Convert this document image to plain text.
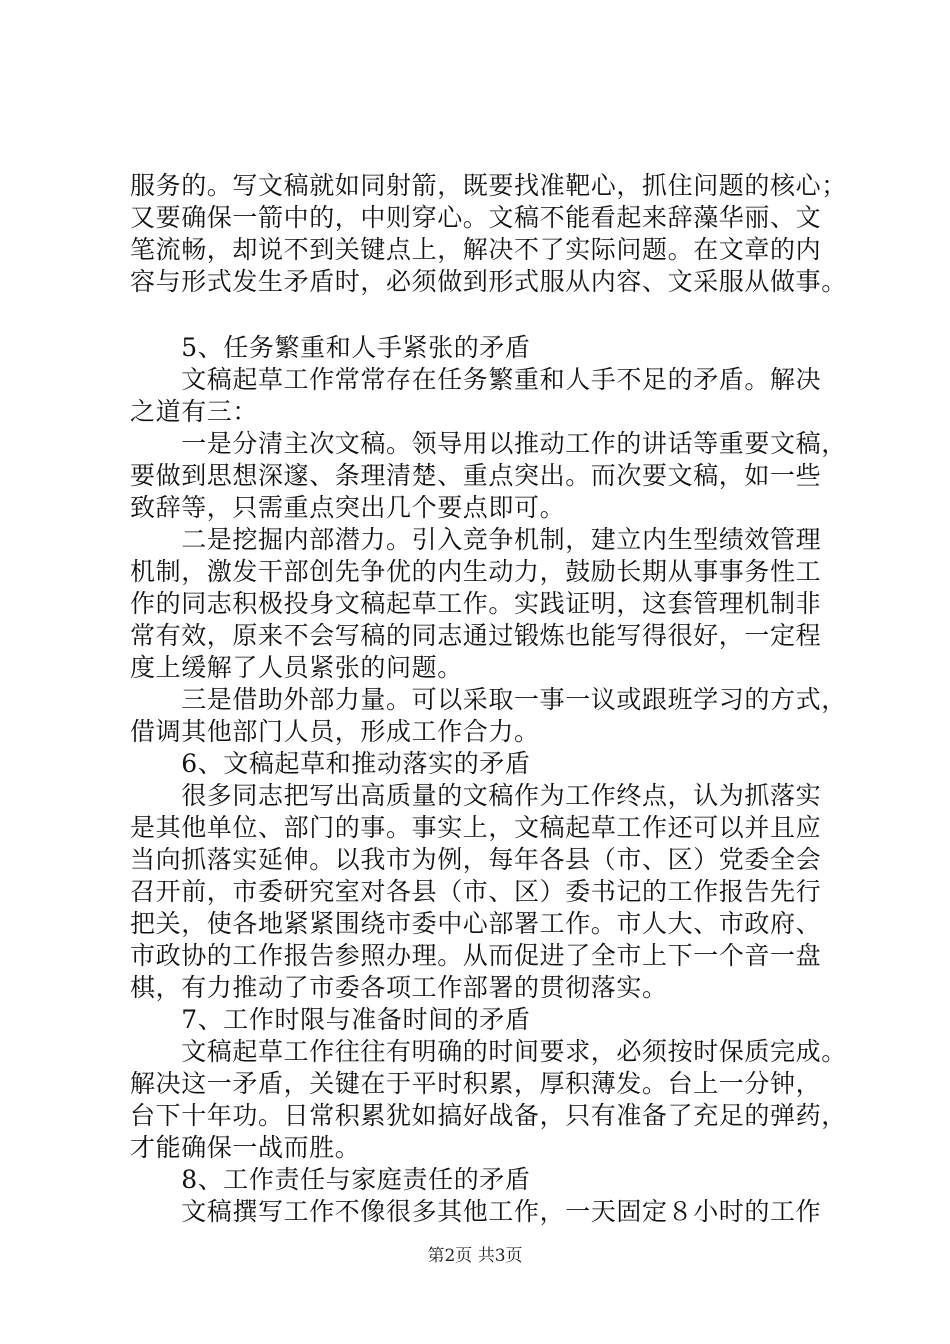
服务的。写文稿就如同射箭，既要找准靶心，抓住问题的核心；
又要确保一箭中的，中则穿心。文稿不能看起来辞藻华丽、文
笔流畅，却说不到关键点上，解决不了实际问题。在文章的内
容与形式发生矛盾时，必须做到形式服从内容、文采服从做事。
　　5、任务繁重和人手紧张的矛盾
　　文稿起草工作常常存在任务繁重和人手不足的矛盾。解决
之道有三：
　　一是分清主次文稿。领导用以推动工作的讲话等重要文稿，
要做到思想深邃、条理清楚、重点突出。而次要文稿，如一些
致辞等，只需重点突出几个要点即可。
　　二是挖掘内部潜力。引入竞争机制，建立内生型绩效管理
机制，激发干部创先争优的内生动力，鼓励长期从事事务性工
作的同志积极投身文稿起草工作。实践证明，这套管理机制非
常有效，原来不会写稿的同志通过锻炼也能写得很好，一定程
度上缓解了人员紧张的问题。
　　三是借助外部力量。可以采取一事一议或跟班学习的方式，
借调其他部门人员，形成工作合力。
　　6、文稿起草和推动落实的矛盾
　　很多同志把写出高质量的文稿作为工作终点，认为抓落实
是其他单位、部门的事。事实上，文稿起草工作还可以并且应
当向抓落实延伸。以我市为例，每年各县（市、区）党委全会
召开前，市委研究室对各县（市、区）委书记的工作报告先行
把关，使各地紧紧围绕市委中心部署工作。市人大、市政府、
市政协的工作报告参照办理。从而促进了全市上下一个音一盘
棋，有力推动了市委各项工作部署的贯彻落实。
　　7、工作时限与准备时间的矛盾
　　文稿起草工作往往有明确的时间要求，必须按时保质完成。
解决这一矛盾，关键在于平时积累，厚积薄发。台上一分钟，
台下十年功。日常积累犹如搞好战备，只有准备了充足的弹药，
才能确保一战而胜。
　　8、工作责任与家庭责任的矛盾
　　文稿撰写工作不像很多其他工作，一天固定８小时的工作
第2页 共3页
